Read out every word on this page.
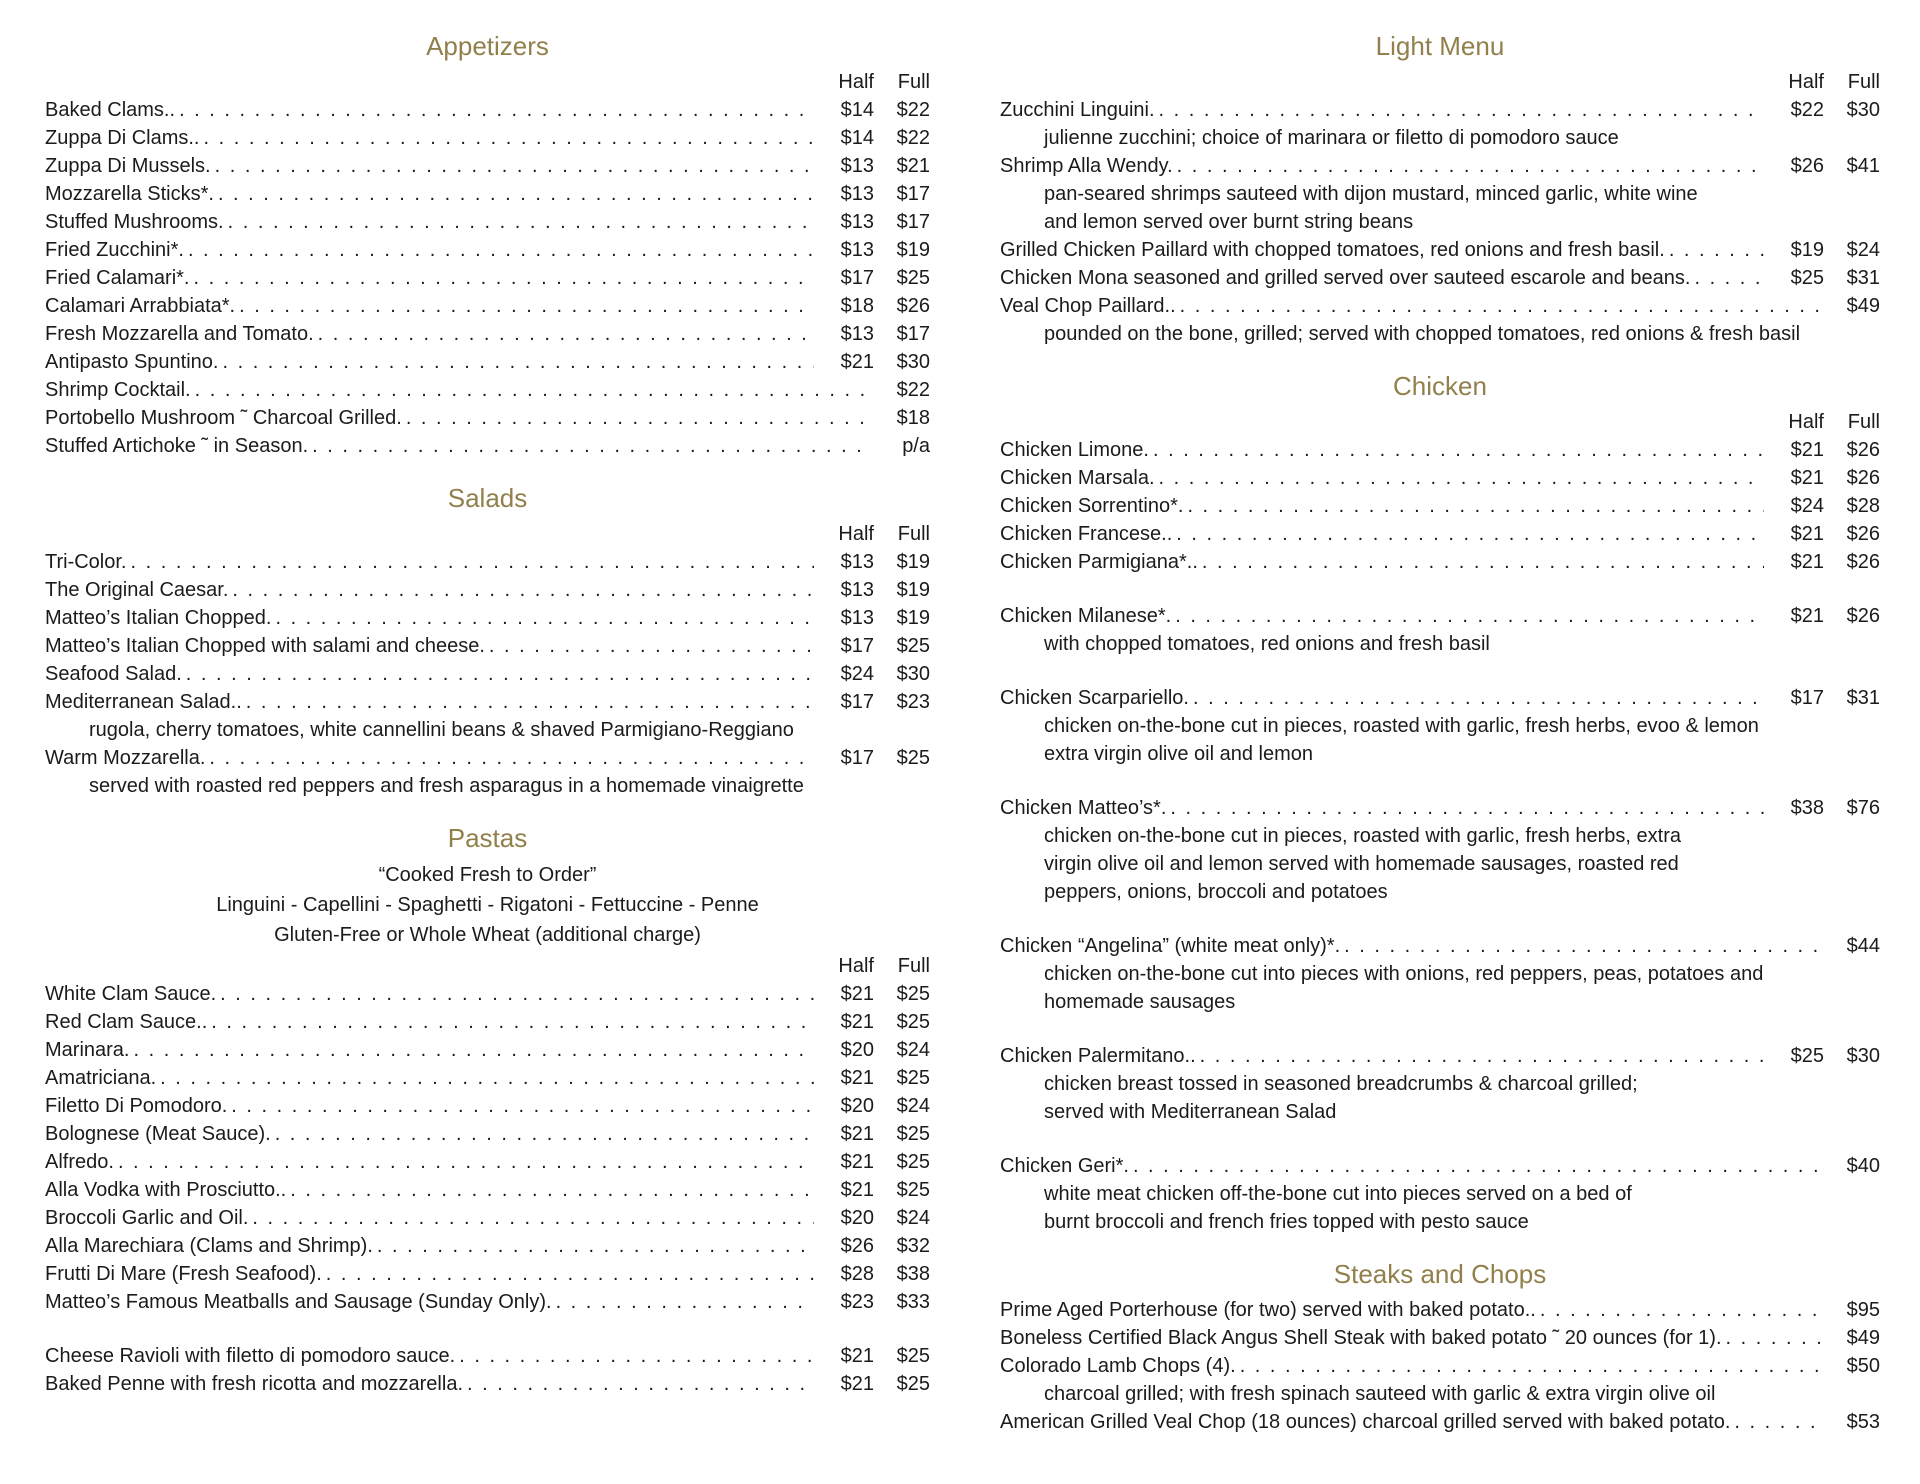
Appetizers
Half	Full
Baked Clams.. . . .	$14	$22
Zuppa Di Clams.. . . .	$14	$22
Zuppa Di Mussels. . . .	$13	$21
Mozzarella Sticks*. . . .	$13	$17
Stuffed Mushrooms. . . .	$13	$17
Fried Zucchini*. . . .	$13	$19
Fried Calamari*. . . .	$17	$25
Calamari Arrabbiata*. . . .	$18	$26
Fresh Mozzarella and Tomato. . . .	$13	$17
Antipasto Spuntino. . . .	$21	$30
Shrimp Cocktail. . . .	$22
Portobello Mushroom ˜ Charcoal Grilled. . . .	$18
Stuffed Artichoke ˜ in Season. . . .	p/a
Salads
Half	Full
Tri-Color. . . .	$13	$19
The Original Caesar. . . .	$13	$19
Matteo’s Italian Chopped. . . .	$13	$19
Matteo’s Italian Chopped with salami and cheese. . . .	$17	$25
Seafood Salad. . . .	$24	$30
Mediterranean Salad.. . . .	$17	$23
rugola, cherry tomatoes, white cannellini beans & shaved Parmigiano-Reggiano
Warm Mozzarella. . . .	$17	$25
served with roasted red peppers and fresh asparagus in a homemade vinaigrette
Pastas
“Cooked Fresh to Order”
Linguini - Capellini - Spaghetti - Rigatoni - Fettuccine - Penne
Gluten-Free or Whole Wheat (additional charge)
Half	Full
White Clam Sauce. . . .	$21	$25
Red Clam Sauce.. . . .	$21	$25
Marinara. . . .	$20	$24
Amatriciana. . . .	$21	$25
Filetto Di Pomodoro. . . .	$20	$24
Bolognese (Meat Sauce). . . .	$21	$25
Alfredo. . . .	$21	$25
Alla Vodka with Prosciutto.. . . .	$21	$25
Broccoli Garlic and Oil. . . .	$20	$24
Alla Marechiara (Clams and Shrimp). . . .	$26	$32
Frutti Di Mare (Fresh Seafood). . . .	$28	$38
Matteo’s Famous Meatballs and Sausage (Sunday Only). . . .	$23	$33
Cheese Ravioli with filetto di pomodoro sauce. . . .	$21	$25
Baked Penne with fresh ricotta and mozzarella. . . .	$21	$25
Light Menu
Half	Full
Zucchini Linguini. . . .	$22	$30
julienne zucchini; choice of marinara or filetto di pomodoro sauce
Shrimp Alla Wendy. . . .	$26	$41
pan-seared shrimps sauteed with dijon mustard, minced garlic, white wine
and lemon served over burnt string beans
Grilled Chicken Paillard with chopped tomatoes, red onions and fresh basil. . . .	$19	$24
Chicken Mona seasoned and grilled served over sauteed escarole and beans. . . .	$25	$31
Veal Chop Paillard.. . . .	$49
pounded on the bone, grilled; served with chopped tomatoes, red onions & fresh basil
Chicken
Half	Full
Chicken Limone. . . .	$21	$26
Chicken Marsala. . . .	$21	$26
Chicken Sorrentino*. . . .	$24	$28
Chicken Francese.. . . .	$21	$26
Chicken Parmigiana*.. . . .	$21	$26
Chicken Milanese*. . . .	$21	$26
with chopped tomatoes, red onions and fresh basil
Chicken Scarpariello. . . .	$17	$31
chicken on-the-bone cut in pieces, roasted with garlic, fresh herbs, evoo & lemon
extra virgin olive oil and lemon
Chicken Matteo’s*. . . .	$38	$76
chicken on-the-bone cut in pieces, roasted with garlic, fresh herbs, extra
virgin olive oil and lemon served with homemade sausages, roasted red
peppers, onions, broccoli and potatoes
Chicken “Angelina” (white meat only)*. . . .	$44
chicken on-the-bone cut into pieces with onions, red peppers, peas, potatoes and
homemade sausages
Chicken Palermitano.. . . .	$25	$30
chicken breast tossed in seasoned breadcrumbs & charcoal grilled;
served with Mediterranean Salad
Chicken Geri*. . . .	$40
white meat chicken off-the-bone cut into pieces served on a bed of
burnt broccoli and french fries topped with pesto sauce
Steaks and Chops
Prime Aged Porterhouse (for two) served with baked potato.. . . .	$95
Boneless Certified Black Angus Shell Steak with baked potato ˜ 20 ounces (for 1). . . .	$49
Colorado Lamb Chops (4). . . .	$50
charcoal grilled; with fresh spinach sauteed with garlic & extra virgin olive oil
American Grilled Veal Chop (18 ounces) charcoal grilled served with baked potato. . . .	$53
